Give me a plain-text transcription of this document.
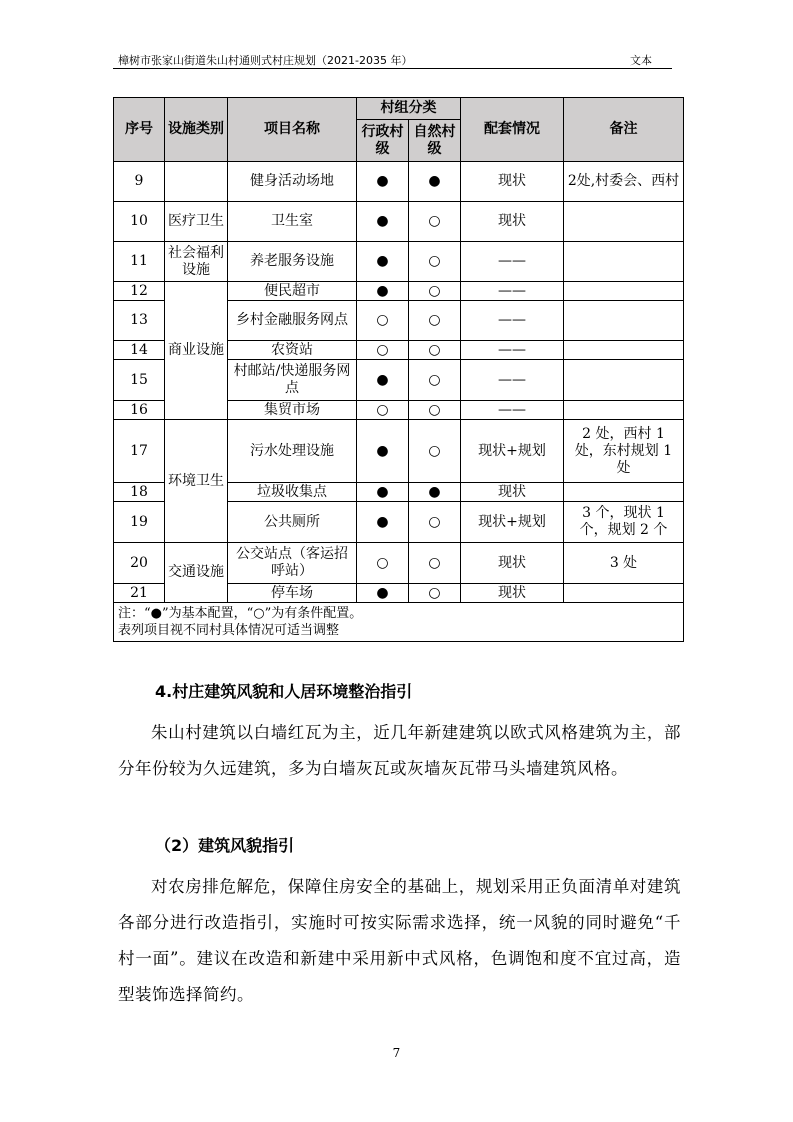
樟树市张家山街道朱山村通则式村庄规划（2021-2035 年）	文本
序号	设施类别	项目名称	村组分类		配套情况	备注
			行政村级	自然村级		
9		健身活动场地	●	●	现状	2处,村委会、西村
10	医疗卫生	卫生室	●	○	现状	
11	社会福利设施	养老服务设施	●	○	——	
12	商业设施	便民超市	●	○	——	
13		乡村金融服务网点	○	○	——	
14		农资站	○	○	——	
15		村邮站/快递服务网点	●	○	——	
16		集贸市场	○	○	——	
17	环境卫生	污水处理设施	●	○	现状+规划	2 处，西村 1 处，东村规划 1 处
18		垃圾收集点	●	●	现状	
19		公共厕所	●	○	现状+规划	3 个，现状 1 个，规划 2 个
20	交通设施	公交站点（客运招呼站）	○	○	现状	3 处
21		停车场	●	○	现状	

注：“●”为基本配置，“○”为有条件配置。
表列项目视不同村具体情况可适当调整						
4.村庄建筑风貌和人居环境整治指引

朱山村建筑以白墙红瓦为主，近几年新建建筑以欧式风格建筑为主，部分年份较为久远建筑，多为白墙灰瓦或灰墙灰瓦带马头墙建筑风格。

（2）建筑风貌指引

对农房排危解危，保障住房安全的基础上，规划采用正负面清单对建筑各部分进行改造指引，实施时可按实际需求选择，统一风貌的同时避免“千村一面”。建议在改造和新建中采用新中式风格，色调饱和度不宜过高，造型装饰选择简约。

7
